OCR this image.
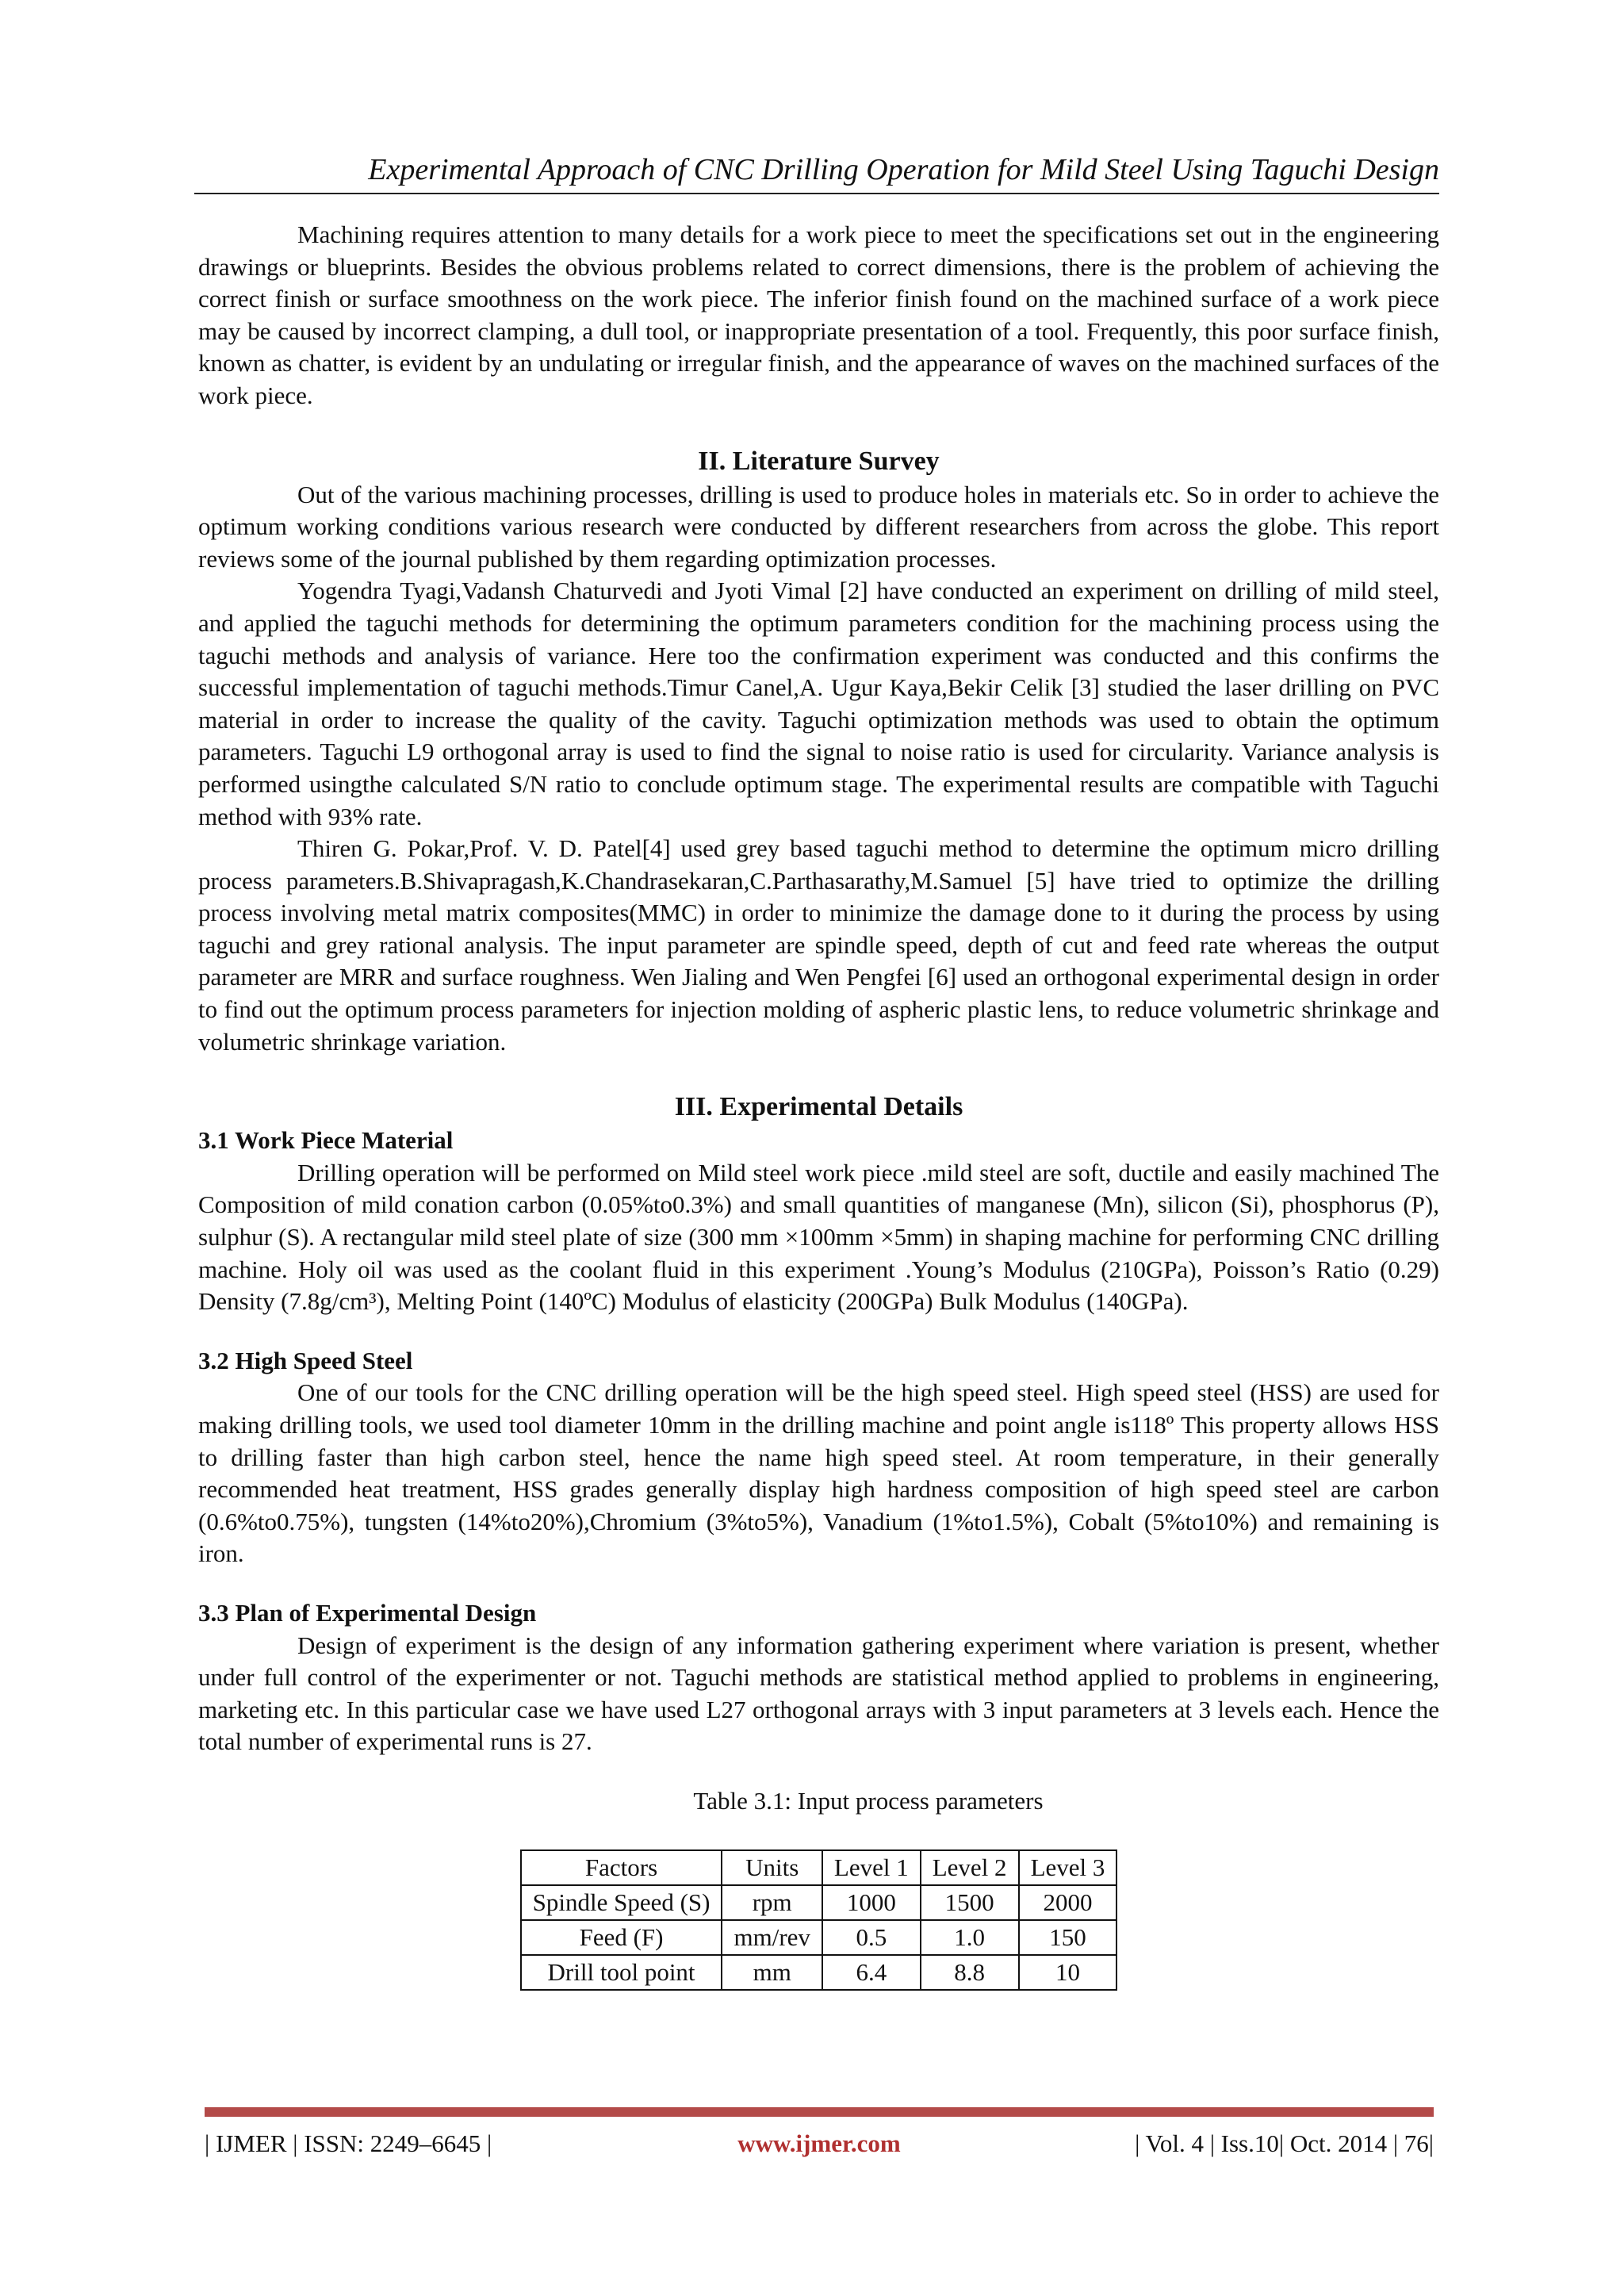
Experimental Approach of CNC Drilling Operation for Mild Steel Using Taguchi Design

Machining requires attention to many details for a work piece to meet the specifications set out in the engineering drawings or blueprints. Besides the obvious problems related to correct dimensions, there is the problem of achieving the correct finish or surface smoothness on the work piece. The inferior finish found on the machined surface of a work piece may be caused by incorrect clamping, a dull tool, or inappropriate presentation of a tool. Frequently, this poor surface finish, known as chatter, is evident by an undulating or irregular finish, and the appearance of waves on the machined surfaces of the work piece.

II. Literature Survey

Out of the various machining processes, drilling is used to produce holes in materials etc. So in order to achieve the optimum working conditions various research were conducted by different researchers from across the globe. This report reviews some of the journal published by them regarding optimization processes.

Yogendra Tyagi,Vadansh Chaturvedi and Jyoti Vimal [2] have conducted an experiment on drilling of mild steel, and applied the taguchi methods for determining the optimum parameters condition for the machining process using the taguchi methods and analysis of variance. Here too the confirmation experiment was conducted and this confirms the successful implementation of taguchi methods.Timur Canel,A. Ugur Kaya,Bekir Celik [3] studied the laser drilling on PVC material in order to increase the quality of the cavity. Taguchi optimization methods was used to obtain the optimum parameters. Taguchi L9 orthogonal array is used to find the signal to noise ratio is used for circularity. Variance analysis is performed usingthe calculated S/N ratio to conclude optimum stage. The experimental results are compatible with Taguchi method with 93% rate.

Thiren G. Pokar,Prof. V. D. Patel[4] used grey based taguchi method to determine the optimum micro drilling process parameters.B.Shivapragash,K.Chandrasekaran,C.Parthasarathy,M.Samuel [5] have tried to optimize the drilling process involving metal matrix composites(MMC) in order to minimize the damage done to it during the process by using taguchi and grey rational analysis. The input parameter are spindle speed, depth of cut and feed rate whereas the output parameter are MRR and surface roughness. Wen Jialing and Wen Pengfei [6] used an orthogonal experimental design in order to find out the optimum process parameters for injection molding of aspheric plastic lens, to reduce volumetric shrinkage and volumetric shrinkage variation.

III. Experimental Details

3.1 Work Piece Material

Drilling operation will be performed on Mild steel work piece .mild steel are soft, ductile and easily machined The Composition of mild conation carbon (0.05%to0.3%) and small quantities of manganese (Mn), silicon (Si), phosphorus (P), sulphur (S). A rectangular mild steel plate of size (300 mm ×100mm ×5mm) in shaping machine for performing CNC drilling machine. Holy oil was used as the coolant fluid in this experiment .Young’s Modulus (210GPa), Poisson’s Ratio (0.29) Density (7.8g/cm³), Melting Point (140ºC) Modulus of elasticity (200GPa) Bulk Modulus (140GPa).

3.2 High Speed Steel

One of our tools for the CNC drilling operation will be the high speed steel. High speed steel (HSS) are used for making drilling tools, we used tool diameter 10mm in the drilling machine and point angle is118º This property allows HSS to drilling faster than high carbon steel, hence the name high speed steel. At room temperature, in their generally recommended heat treatment, HSS grades generally display high hardness composition of high speed steel are carbon (0.6%to0.75%), tungsten (14%to20%),Chromium (3%to5%), Vanadium (1%to1.5%), Cobalt (5%to10%) and remaining is iron.

3.3 Plan of Experimental Design

Design of experiment is the design of any information gathering experiment where variation is present, whether under full control of the experimenter or not. Taguchi methods are statistical method applied to problems in engineering, marketing etc. In this particular case we have used L27 orthogonal arrays with 3 input parameters at 3 levels each. Hence the total number of experimental runs is 27.

Table 3.1: Input process parameters

Factors	Units	Level 1	Level 2	Level 3
Spindle Speed (S)	rpm	1000	1500	2000
Feed (F)	mm/rev	0.5	1.0	150
Drill tool point	mm	6.4	8.8	10
| IJMER | ISSN: 2249–6645 |	www.ijmer.com	| Vol. 4 | Iss.10| Oct. 2014 | 76|
